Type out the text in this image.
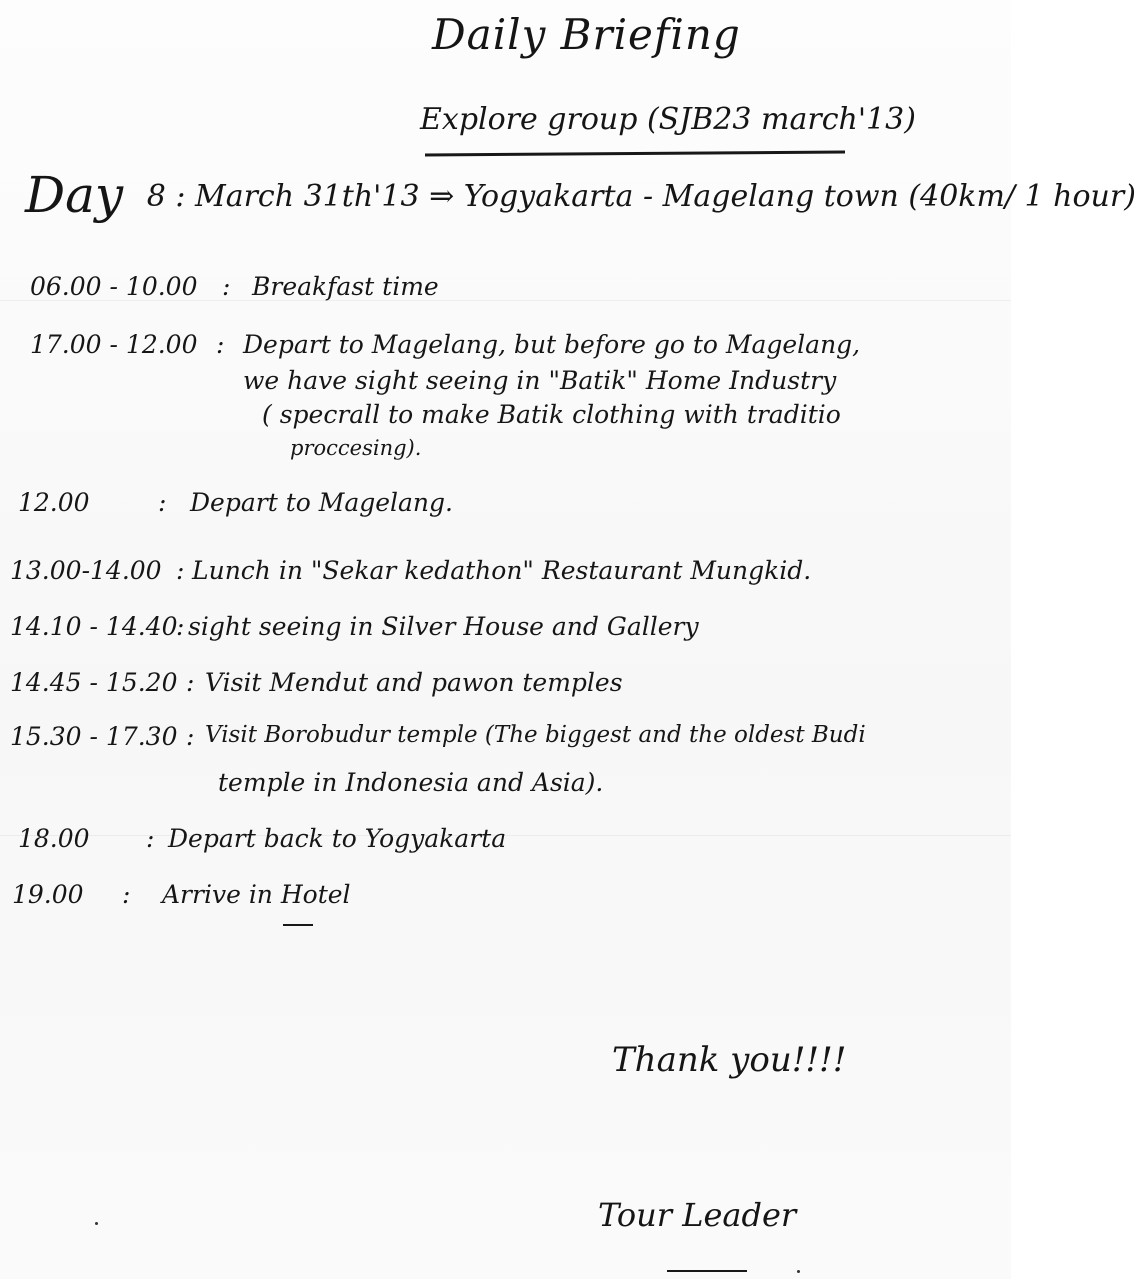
Daily Briefing
Explore group (SJB23 march'13)
Day 8 : March 31th'13 ⇒ Yogyakarta - Magelang town (40km/ 1 hour)
06.00 - 10.00 : Breakfast time
17.00 - 12.00 : Depart to Magelang, but before go to Magelang,
we have sight seeing in "Batik" Home Industry
( specrall to make Batik clothing with traditio
proccesing).
12.00	: Depart to Magelang.
13.00-14.00 : Lunch in "Sekar kedathon" Restaurant Mungkid.
14.10 - 14.40
: sight seeing in Silver House and Gallery
14.45 - 15.20 : Visit Mendut and pawon temples
15.30 - 17.30 : Visit Borobudur temple (The biggest and the oldest Budi
temple in Indonesia and Asia).
18.00 : Depart back to Yogyakarta
19.00 : Arrive in Hotel
Thank you!!!!
Tour Leader
